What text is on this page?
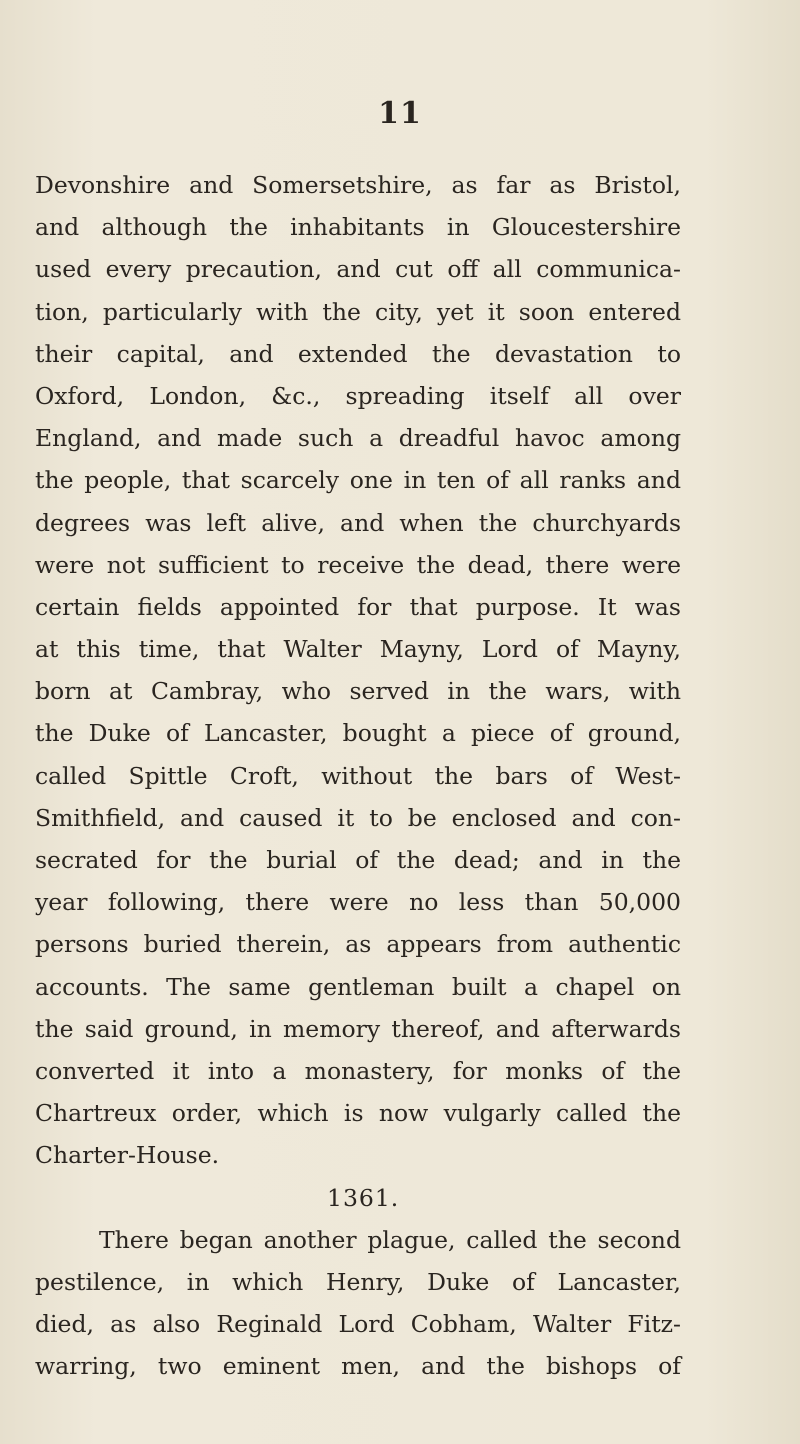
11
Devonshire and Somersetshire, as far as Bristol,
and although the inhabitants in Gloucestershire
used every precaution, and cut off all communica-
tion, particularly with the city, yet it soon entered
their capital, and extended the devastation to
Oxford, London, &c., spreading itself all over
England, and made such a dreadful havoc among
the people, that scarcely one in ten of all ranks and
degrees was left alive, and when the churchyards
were not sufficient to receive the dead, there were
certain fields appointed for that purpose. It was
at this time, that Walter Mayny, Lord of Mayny,
born at Cambray, who served in the wars, with
the Duke of Lancaster, bought a piece of ground,
called Spittle Croft, without the bars of West-
Smithfield, and caused it to be enclosed and con-
secrated for the burial of the dead; and in the
year following, there were no less than 50,000
persons buried therein, as appears from authentic
accounts. The same gentleman built a chapel on
the said ground, in memory thereof, and afterwards
converted it into a monastery, for monks of the
Chartreux order, which is now vulgarly called the
Charter-House.
1361.
There began another plague, called the second
pestilence, in which Henry, Duke of Lancaster,
died, as also Reginald Lord Cobham, Walter Fitz-
warring, two eminent men, and the bishops of
